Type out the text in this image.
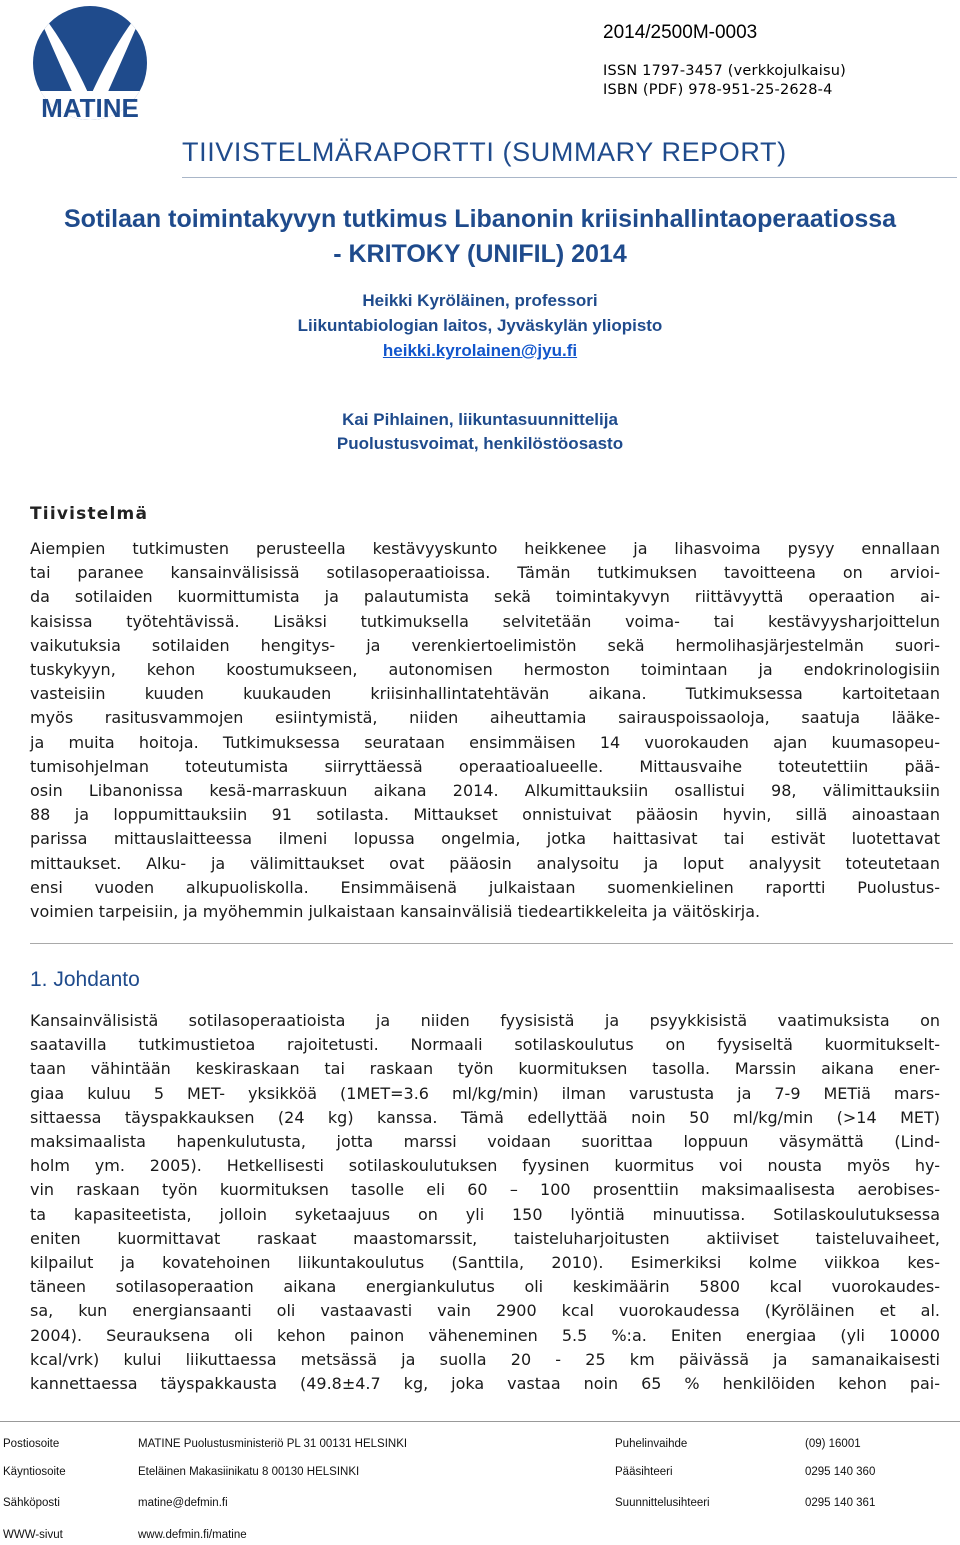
MATINE
2014/2500M-0003
ISSN 1797-3457 (verkkojulkaisu)
ISBN (PDF) 978-951-25-2628-4
TIIVISTELMÄRAPORTTI (SUMMARY REPORT)
Sotilaan toimintakyvyn tutkimus Libanonin kriisinhallintaoperaatiossa
- KRITOKY (UNIFIL) 2014
Heikki Kyröläinen, professori
Liikuntabiologian laitos, Jyväskylän yliopisto
heikki.kyrolainen@jyu.fi
Kai Pihlainen, liikuntasuunnittelija
Puolustusvoimat, henkilöstöosasto
Tiivistelmä
Aiempien tutkimusten perusteella kestävyyskunto heikkenee ja lihasvoima pysyy ennallaan
tai paranee kansainvälisissä sotilasoperaatioissa. Tämän tutkimuksen tavoitteena on arvioi-
da sotilaiden kuormittumista ja palautumista sekä toimintakyvyn riittävyyttä operaation ai-
kaisissa työtehtävissä. Lisäksi tutkimuksella selvitetään voima- tai kestävyysharjoittelun
vaikutuksia sotilaiden hengitys- ja verenkiertoelimistön sekä hermolihasjärjestelmän suori-
tuskykyyn, kehon koostumukseen, autonomisen hermoston toimintaan ja endokrinologisiin
vasteisiin kuuden kuukauden kriisinhallintatehtävän aikana. Tutkimuksessa kartoitetaan
myös rasitusvammojen esiintymistä, niiden aiheuttamia sairauspoissaoloja, saatuja lääke-
ja muita hoitoja. Tutkimuksessa seurataan ensimmäisen 14 vuorokauden ajan kuumasopeu-
tumisohjelman toteutumista siirryttäessä operaatioalueelle. Mittausvaihe toteutettiin pää-
osin Libanonissa kesä-marraskuun aikana 2014. Alkumittauksiin osallistui 98, välimittauksiin
88 ja loppumittauksiin 91 sotilasta. Mittaukset onnistuivat pääosin hyvin, sillä ainoastaan
parissa mittauslaitteessa ilmeni lopussa ongelmia, jotka haittasivat tai estivät luotettavat
mittaukset. Alku- ja välimittaukset ovat pääosin analysoitu ja loput analyysit toteutetaan
ensi vuoden alkupuoliskolla. Ensimmäisenä julkaistaan suomenkielinen raportti Puolustus-
voimien tarpeisiin, ja myöhemmin julkaistaan kansainvälisiä tiedeartikkeleita ja väitöskirja.
1. Johdanto
Kansainvälisistä sotilasoperaatioista ja niiden fyysisistä ja psyykkisistä vaatimuksista on
saatavilla tutkimustietoa rajoitetusti. Normaali sotilaskoulutus on fyysiseltä kuormitukselt-
taan vähintään keskiraskaan tai raskaan työn kuormituksen tasolla. Marssin aikana ener-
giaa kuluu 5 MET- yksikköä (1MET=3.6 ml/kg/min) ilman varustusta ja 7-9 METiä mars-
sittaessa täyspakkauksen (24 kg) kanssa. Tämä edellyttää noin 50 ml/kg/min (>14 MET)
maksimaalista hapenkulutusta, jotta marssi voidaan suorittaa loppuun väsymättä (Lind-
holm ym. 2005). Hetkellisesti sotilaskoulutuksen fyysinen kuormitus voi nousta myös hy-
vin raskaan työn kuormituksen tasolle eli 60 – 100 prosenttiin maksimaalisesta aerobises-
ta kapasiteetista, jolloin syketaajuus on yli 150 lyöntiä minuutissa. Sotilaskoulutuksessa
eniten kuormittavat raskaat maastomarssit, taisteluharjoitusten aktiiviset taisteluvaiheet,
kilpailut ja kovatehoinen liikuntakoulutus (Santtila, 2010). Esimerkiksi kolme viikkoa kes-
täneen sotilasoperaation aikana energiankulutus oli keskimäärin 5800 kcal vuorokaudes-
sa, kun energiansaanti oli vastaavasti vain 2900 kcal vuorokaudessa (Kyröläinen et al.
2004). Seurauksena oli kehon painon väheneminen 5.5 %:a. Eniten energiaa (yli 10000
kcal/vrk) kului liikuttaessa metsässä ja suolla 20 - 25 km päivässä ja samanaikaisesti
kannettaessa täyspakkausta (49.8±4.7 kg, joka vastaa noin 65 % henkilöiden kehon pai-
Postiosoite	MATINE Puolustusministeriö PL 31 00131 HELSINKI	Puhelinvaihde	(09) 16001
Käyntiosoite	Eteläinen Makasiinikatu 8 00130 HELSINKI	Pääsihteeri	0295 140 360
Sähköposti	matine@defmin.fi	Suunnittelusihteeri	0295 140 361
WWW-sivut	www.defmin.fi/matine
